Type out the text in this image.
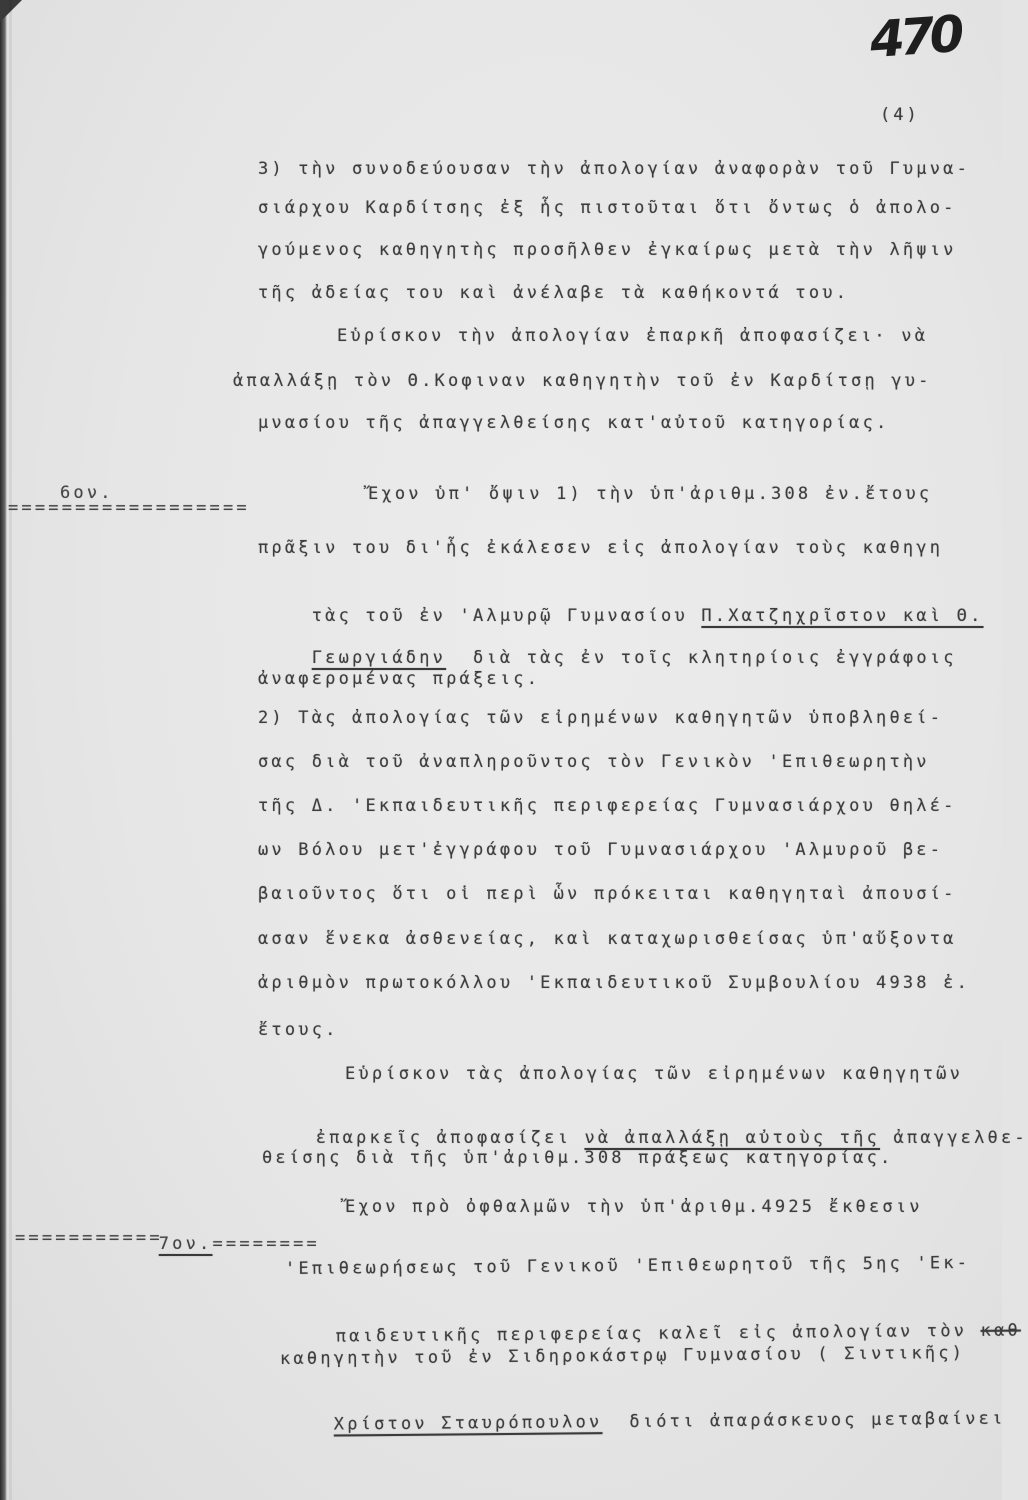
470
(4)
3) τὴν συνοδεύουσαν τὴν ἀπολογίαν ἀναφορὰν τοῦ Γυμνα-
σιάρχου Καρδίτσης ἐξ ἧς πιστοῦται ὅτι ὄντως ὁ ἀπολο-
γούμενος καθηγητὴς προσῆλθεν ἐγκαίρως μετὰ τὴν λῆψιν
τῆς ἀδείας του καὶ ἀνέλαβε τὰ καθήκοντά του.
Εὑρίσκον τὴν ἀπολογίαν ἐπαρκῆ ἀποφασίζει· νὰ
ἀπαλλάξῃ τὸν Θ.Κοφιναν καθηγητὴν τοῦ ἐν Καρδίτσῃ γυ-
μνασίου τῆς ἀπαγγελθείσης κατ'αὐτοῦ κατηγορίας.
6ον.
==================
Ἔχον ὑπ' ὄψιν 1) τὴν ὑπ'ἀριθμ.308 ἐν.ἔτους
πρᾶξιν του δι'ἧς ἐκάλεσεν εἰς ἀπολογίαν τοὺς καθηγη

τὰς τοῦ ἐν 'Αλμυρῷ Γυμνασίου Π.Χατζηχρῖστον καὶ Θ.

Γεωργιάδην  διὰ τὰς ἐν τοῖς κλητηρίοις ἐγγράφοις

ἀναφερομένας πράξεις.
2) Τὰς ἀπολογίας τῶν εἰρημένων καθηγητῶν ὑποβληθεί-
σας διὰ τοῦ ἀναπληροῦντος τὸν Γενικὸν 'Επιθεωρητὴν
τῆς Δ. 'Εκπαιδευτικῆς περιφερείας Γυμνασιάρχου θηλέ-
ων Βόλου μετ'ἐγγράφου τοῦ Γυμνασιάρχου 'Αλμυροῦ βε-
βαιοῦντος ὅτι οἱ περὶ ὧν πρόκειται καθηγηταὶ ἀπουσί-
ασαν ἕνεκα ἀσθενείας, καὶ καταχωρισθείσας ὑπ'αὔξοντα
ἀριθμὸν πρωτοκόλλου 'Εκπαιδευτικοῦ Συμβουλίου 4938 ἐ.
ἔτους.
Εὑρίσκον τὰς ἀπολογίας τῶν εἰρημένων καθηγητῶν

ἐπαρκεῖς ἀποφασίζει νὰ ἀπαλλάξῃ αὐτοὺς τῆς ἀπαγγελθε-

θείσης διὰ τῆς ὑπ'ἀριθμ.308 πράξεως κατηγορίας.
Ἔχον πρὸ ὀφθαλμῶν τὴν ὑπ'ἀριθμ.4925 ἔκθεσιν

7ον.========

===========
'Επιθεωρήσεως τοῦ Γενικοῦ 'Επιθεωρητοῦ τῆς 5ης 'Εκ-

παιδευτικῆς περιφερείας καλεῖ εἰς ἀπολογίαν τὸν καθ

καθηγητὴν τοῦ ἐν Σιδηροκάστρῳ Γυμνασίου ( Σιντικῆς)

Χρίστον Σταυρόπουλον  διότι ἀπαράσκευος μεταβαίνει
